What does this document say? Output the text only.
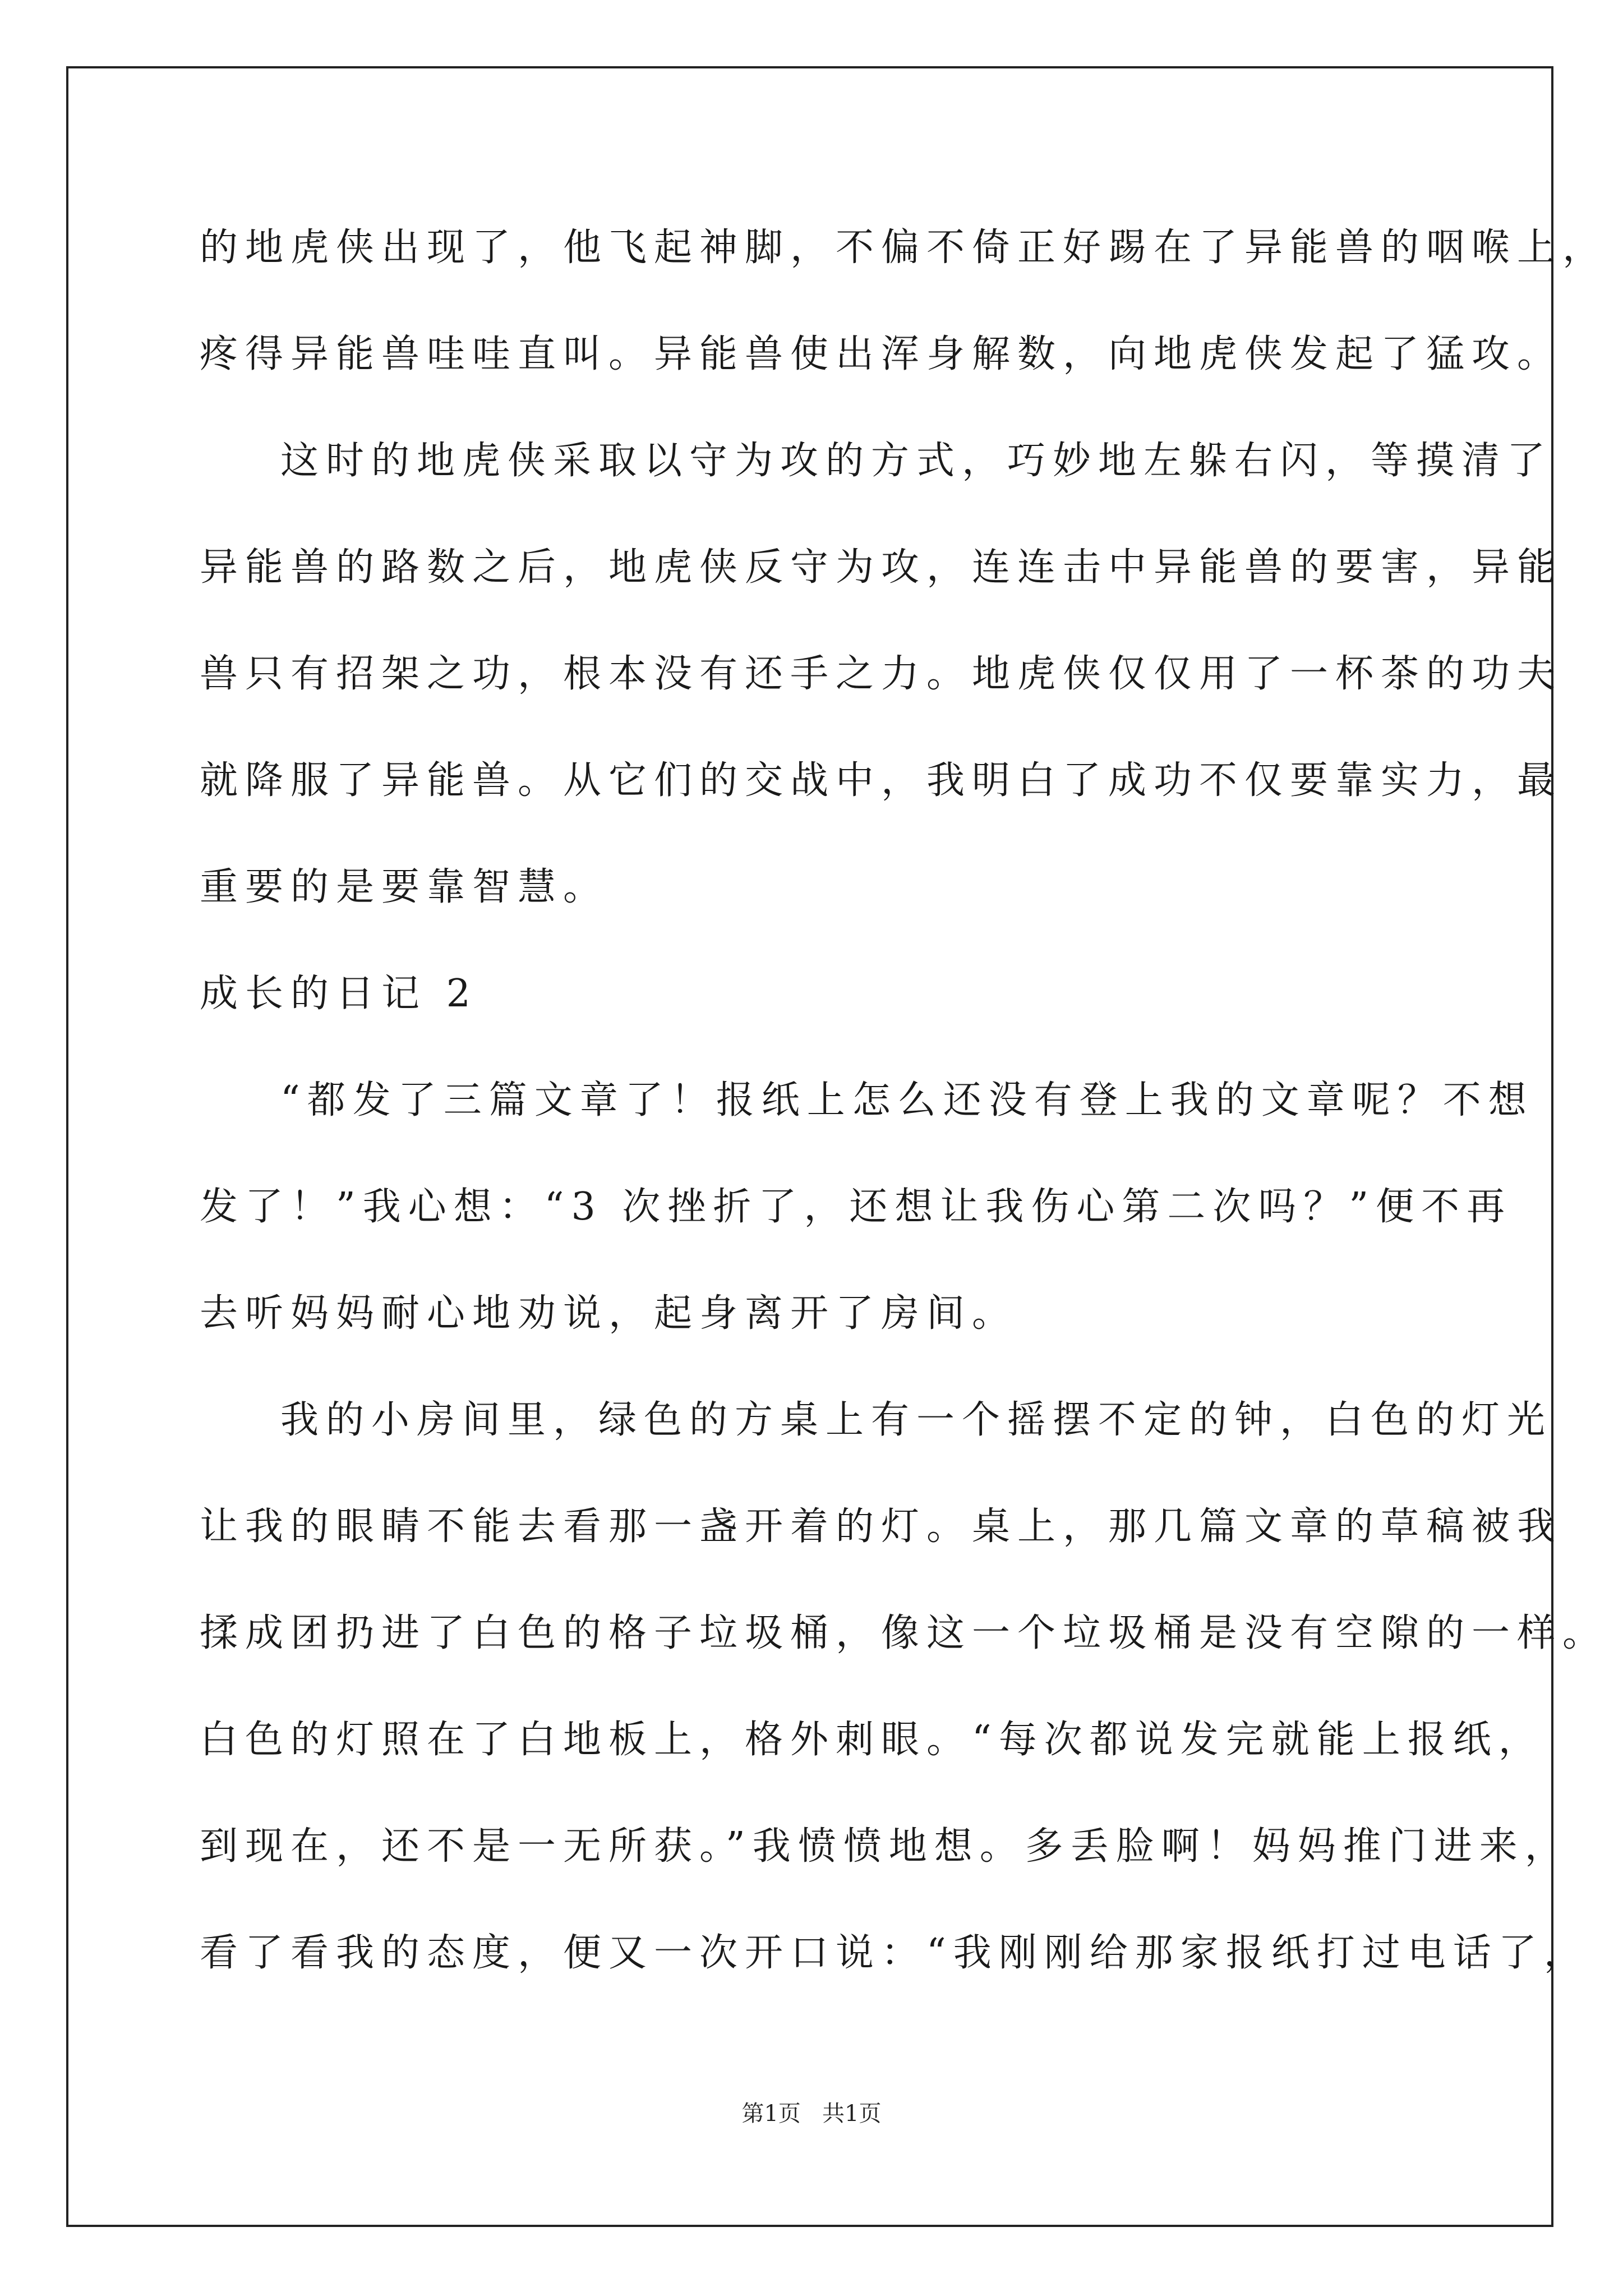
的地虎侠出现了，他飞起神脚，不偏不倚正好踢在了异能兽的咽喉上，
疼得异能兽哇哇直叫。异能兽使出浑身解数，向地虎侠发起了猛攻。
这时的地虎侠采取以守为攻的方式，巧妙地左躲右闪，等摸清了
异能兽的路数之后，地虎侠反守为攻，连连击中异能兽的要害，异能
兽只有招架之功，根本没有还手之力。地虎侠仅仅用了一杯茶的功夫
就降服了异能兽。从它们的交战中，我明白了成功不仅要靠实力，最
重要的是要靠智慧。
成长的日记 2
“都发了三篇文章了！报纸上怎么还没有登上我的文章呢？不想
发了！”我心想：“3 次挫折了，还想让我伤心第二次吗？”便不再
去听妈妈耐心地劝说，起身离开了房间。
我的小房间里，绿色的方桌上有一个摇摆不定的钟，白色的灯光
让我的眼睛不能去看那一盏开着的灯。桌上，那几篇文章的草稿被我
揉成团扔进了白色的格子垃圾桶，像这一个垃圾桶是没有空隙的一样。
白色的灯照在了白地板上，格外刺眼。“每次都说发完就能上报纸，
到现在，还不是一无所获。”我愤愤地想。多丢脸啊！妈妈推门进来，
看了看我的态度，便又一次开口说：“我刚刚给那家报纸打过电话了，
第1页   共1页
